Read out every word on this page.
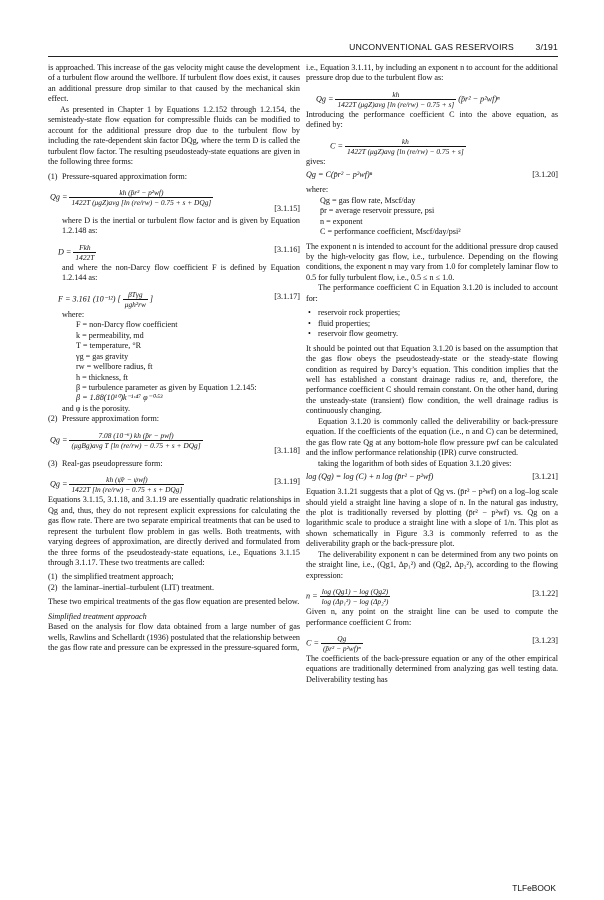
UNCONVENTIONAL GAS RESERVOIRS 3/191

is approached. This increase of the gas velocity might cause the development of a turbulent flow around the wellbore. If turbulent flow does exist, it causes an additional pressure drop similar to that caused by the mechanical skin effect.

As presented in Chapter 1 by Equations 1.2.152 through 1.2.154, the semisteady-state flow equation for compressible fluids can be modified to account for the additional pressure drop due to the turbulent flow by including the rate-dependent skin factor DQg, where the term D is called the turbulent flow factor. The resulting pseudosteady-state equations are given in the following three forms:

(1) Pressure-squared approximation form:
$Qg = \frac{\text{kh (p̄r² − p²wf)}}{\text{1422T (μgZ)avg [ln (re/rw) − 0.75 + s + DQg]}}$
[3.1.15]

where D is the inertial or turbulent flow factor and is given by Equation 1.2.148 as:

$D = \frac{\text{Fkh}}{1422T}$	[3.1.16]

and where the non-Darcy flow coefficient F is defined by Equation 1.2.144 as:

F = 3.161 (10⁻¹²) [ $\frac{\text{βTγg}}{\text{μgh²rw}}$ ]	[3.1.17]

where:

F = non-Darcy flow coefficient
k = permeability, md
T = temperature, °R
γg = gas gravity
rw = wellbore radius, ft
h = thickness, ft
β = turbulence parameter as given by Equation 1.2.145:
β = 1.88(10¹⁰)k⁻¹·⁴⁷ φ⁻⁰·⁵³

and φ is the porosity.

(2) Pressure approximation form:
$Qg = \frac{\text{7.08 (10⁻⁶) kh (p̄r − pwf)}}{\text{(μgBg)avg T [ln (re/rw) − 0.75 + s + DQg]}}$
[3.1.18]
(3) Real-gas pseudopressure form:
$Qg = \frac{\text{kh (ψ̄r − ψwf)}}{\text{1422T [ln (re/rw) − 0.75 + s + DQg]}}$	[3.1.19]

Equations 3.1.15, 3.1.18, and 3.1.19 are essentially quadratic relationships in Qg and, thus, they do not represent explicit expressions for calculating the gas flow rate. There are two separate empirical treatments that can be used to represent the turbulent flow problem in gas wells. Both treatments, with varying degrees of approximation, are directly derived and formulated from the three forms of the pseudosteady-state equations, i.e., Equations 3.1.15 through 3.1.17. These two treatments are called:

(1) the simplified treatment approach;
(2) the laminar–inertial–turbulent (LIT) treatment.

These two empirical treatments of the gas flow equation are presented below.

Simplified treatment approach

Based on the analysis for flow data obtained from a large number of gas wells, Rawlins and Schellardt (1936) postulated that the relationship between the gas flow rate and pressure can be expressed in the pressure-squared form,

i.e., Equation 3.1.11, by including an exponent n to account for the additional pressure drop due to the turbulent flow as:

$Qg = \frac{kh}{\text{1422T (μgZ)avg [ln (re/rw) − 0.75 + s]}}$ (p̄r² − p²wf)ⁿ

Introducing the performance coefficient C into the above equation, as defined by:

$C = \frac{kh}{\text{1422T (μgZ)avg [ln (re/rw) − 0.75 + s]}}$

gives:

Qg = C(p̄r² − p²wf)ⁿ	[3.1.20]

where:

Qg = gas flow rate, Mscf/day
p̄r = average reservoir pressure, psi
n = exponent
C = performance coefficient, Mscf/day/psi²

The exponent n is intended to account for the additional pressure drop caused by the high-velocity gas flow, i.e., turbulence. Depending on the flowing conditions, the exponent n may vary from 1.0 for completely laminar flow to 0.5 for fully turbulent flow, i.e., 0.5 ≤ n ≤ 1.0.

The performance coefficient C in Equation 3.1.20 is included to account for:

• reservoir rock properties;
• fluid properties;
• reservoir flow geometry.

It should be pointed out that Equation 3.1.20 is based on the assumption that the gas flow obeys the pseudosteady-state or the steady-state flowing condition as required by Darcy’s equation. This condition implies that the well has established a constant drainage radius re, and, therefore, the performance coefficient C should remain constant. On the other hand, during the unsteady-state (transient) flow condition, the well drainage radius is continuously changing.

Equation 3.1.20 is commonly called the deliverability or back-pressure equation. If the coefficients of the equation (i.e., n and C) can be determined, the gas flow rate Qg at any bottom-hole flow pressure pwf can be calculated and the inflow performance relationship (IPR) curve constructed.

taking the logarithm of both sides of Equation 3.1.20 gives:

log (Qg) = log (C) + n log (p̄r² − p²wf)	[3.1.21]

Equation 3.1.21 suggests that a plot of Qg vs. (p̄r² − p²wf) on a log–log scale should yield a straight line having a slope of n. In the natural gas industry, the plot is traditionally reversed by plotting (p̄r² − p²wf) vs. Qg on a logarithmic scale to produce a straight line with a slope of 1/n. This plot as shown schematically in Figure 3.3 is commonly referred to as the deliverability graph or the back-pressure plot.

The deliverability exponent n can be determined from any two points on the straight line, i.e., (Qg1, Δp₁²) and (Qg2, Δp₂²), according to the flowing expression:

$n = \frac{\log (Qg1) - \log (Qg2)}{\text{log (Δp₁²) − log (Δp₂²)}}$	[3.1.22]

Given n, any point on the straight line can be used to compute the performance coefficient C from:

$C = \frac{Qg}{\text{(p̄r² − p²wf)ⁿ}}$	[3.1.23]

The coefficients of the back-pressure equation or any of the other empirical equations are traditionally determined from analyzing gas well testing data. Deliverability testing has

TLFeBOOK
